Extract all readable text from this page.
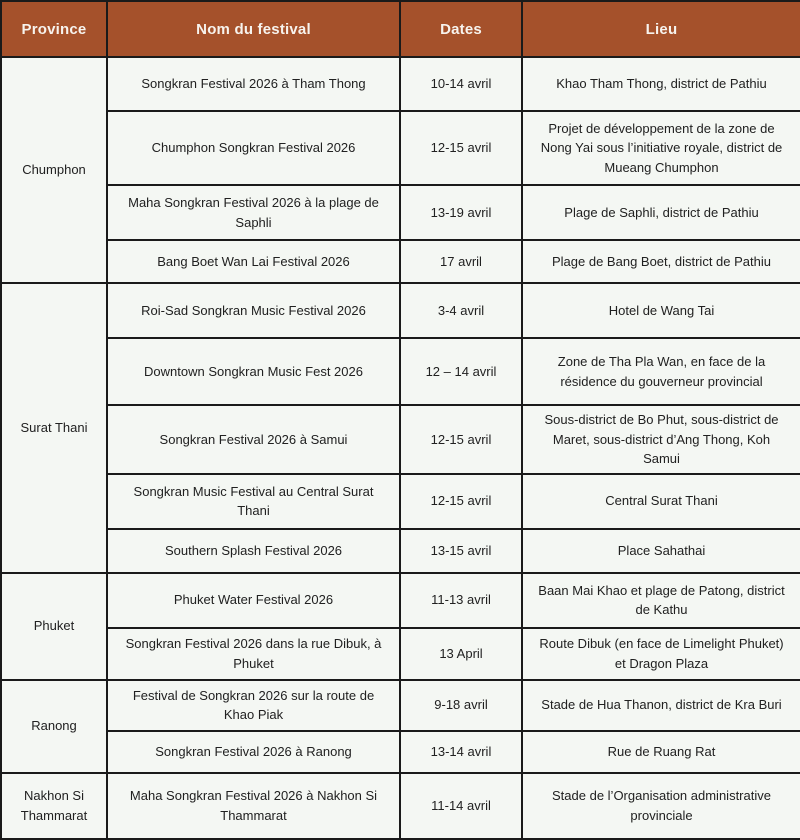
Province	Nom du festival	Dates	Lieu
Chumphon	Songkran Festival 2026 à Tham Thong	10-14 avril	Khao Tham Thong, district de Pathiu
	Chumphon Songkran Festival 2026	12-15 avril	Projet de développement de la zone de Nong Yai sous l’initiative royale, district de Mueang Chumphon
	Maha Songkran Festival 2026 à la plage de Saphli	13-19 avril	Plage de Saphli, district de Pathiu
	Bang Boet Wan Lai Festival 2026	17 avril	Plage de Bang Boet, district de Pathiu
Surat Thani	Roi-Sad Songkran Music Festival 2026	3-4 avril	Hotel de Wang Tai
	Downtown Songkran Music Fest 2026	12 – 14 avril	Zone de Tha Pla Wan, en face de la résidence du gouverneur provincial
	Songkran Festival 2026 à Samui	12-15 avril	Sous-district de Bo Phut, sous-district de Maret, sous-district d’Ang Thong, Koh Samui
	Songkran Music Festival au Central Surat Thani	12-15 avril	Central Surat Thani
	Southern Splash Festival 2026	13-15 avril	Place Sahathai
Phuket	Phuket Water Festival 2026	11-13 avril	Baan Mai Khao et plage de Patong, district de Kathu
	Songkran Festival 2026 dans la rue Dibuk, à Phuket	13 April	Route Dibuk (en face de Limelight Phuket) et Dragon Plaza
Ranong	Festival de Songkran 2026 sur la route de Khao Piak	9-18 avril	Stade de Hua Thanon, district de Kra Buri
	Songkran Festival 2026 à Ranong	13-14 avril	Rue de Ruang Rat
Nakhon Si Thammarat	Maha Songkran Festival 2026 à Nakhon Si Thammarat	11-14 avril	Stade de l’Organisation administrative provinciale
